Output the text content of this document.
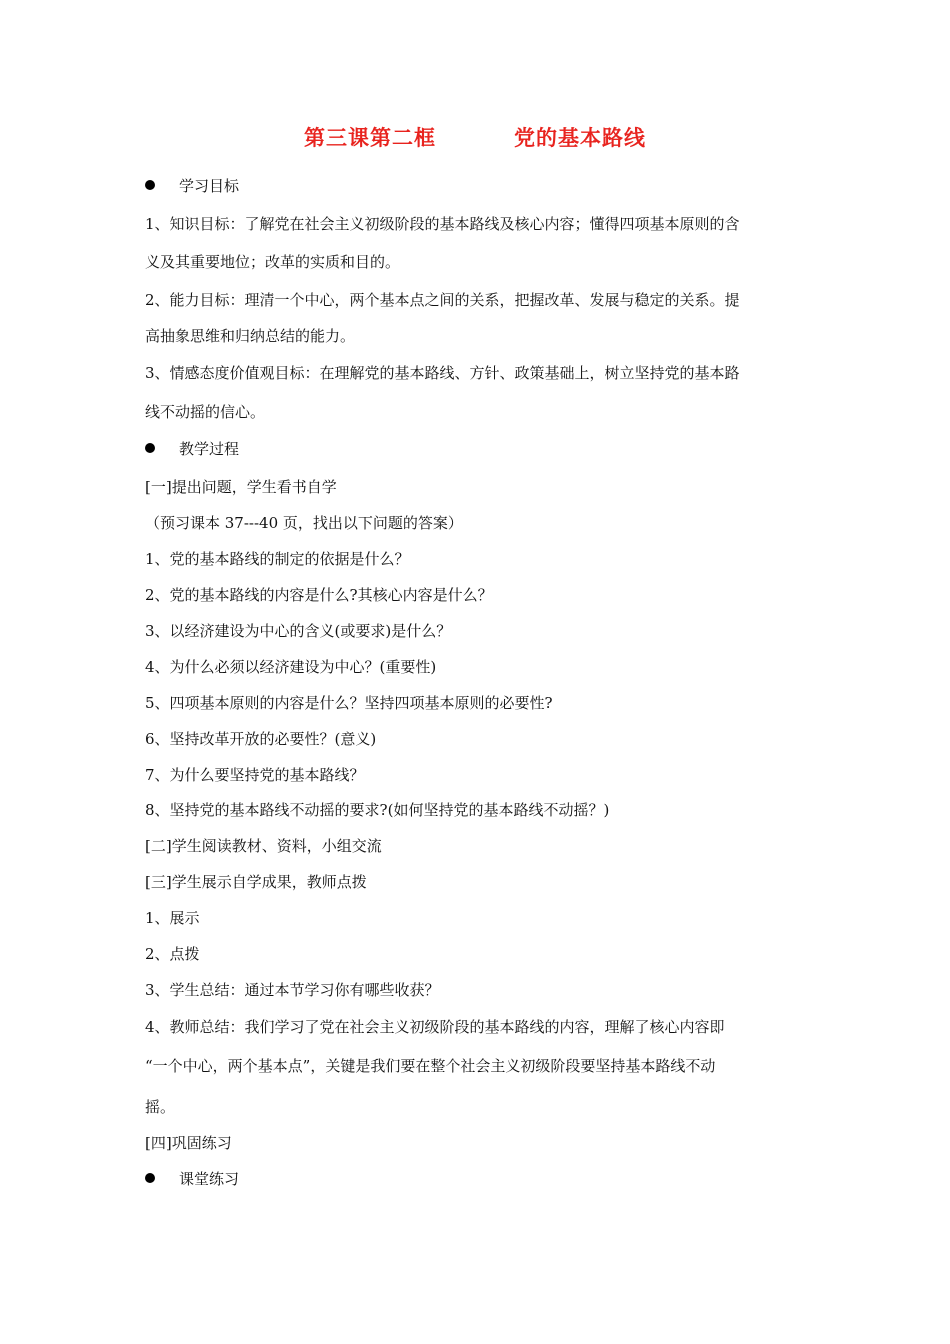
第三课第二框	党的基本路线
学习目标
1、知识目标：了解党在社会主义初级阶段的基本路线及核心内容；懂得四项基本原则的含
义及其重要地位；改革的实质和目的。
2、能力目标：理清一个中心，两个基本点之间的关系，把握改革、发展与稳定的关系。提
高抽象思维和归纳总结的能力。
3、情感态度价值观目标：在理解党的基本路线、方针、政策基础上，树立坚持党的基本路
线不动摇的信心。
教学过程
[一]提出问题，学生看书自学
（预习课本 37---40 页，找出以下问题的答案）
1、党的基本路线的制定的依据是什么？
2、党的基本路线的内容是什么?其核心内容是什么？
3、以经济建设为中心的含义(或要求)是什么？
4、为什么必须以经济建设为中心？(重要性)
5、四项基本原则的内容是什么？坚持四项基本原则的必要性?
6、坚持改革开放的必要性？(意义)
7、为什么要坚持党的基本路线？
8、坚持党的基本路线不动摇的要求?(如何坚持党的基本路线不动摇？)
[二]学生阅读教材、资料，小组交流
[三]学生展示自学成果，教师点拨
1、展示
2、点拨
3、学生总结：通过本节学习你有哪些收获？
4、教师总结：我们学习了党在社会主义初级阶段的基本路线的内容，理解了核心内容即
“一个中心，两个基本点”，关键是我们要在整个社会主义初级阶段要坚持基本路线不动
摇。
[四]巩固练习
课堂练习
